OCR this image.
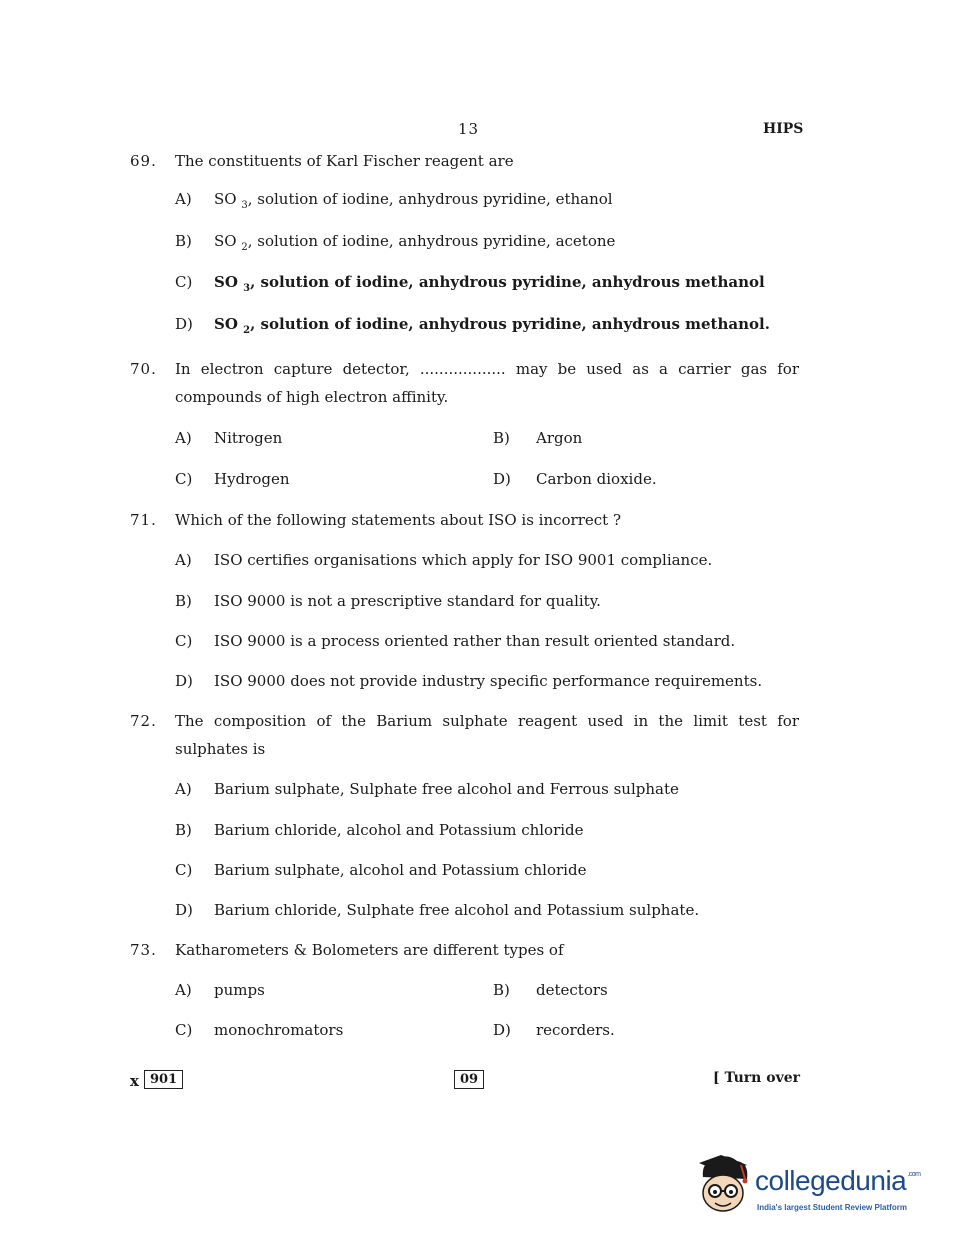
13	HIPS
69. The constituents of Karl Fischer reagent are
A) SO $_3$, solution of iodine, anhydrous pyridine, ethanol
B) SO $_2$, solution of iodine, anhydrous pyridine, acetone
C) SO $_3$, solution of iodine, anhydrous pyridine, anhydrous methanol
D) SO $_2$, solution of iodine, anhydrous pyridine, anhydrous methanol.
70. In electron capture detector, .................. may be used as a carrier gas for compounds of high electron affinity.
A) Nitrogen	B) Argon
C) Hydrogen	D) Carbon dioxide.
71. Which of the following statements about ISO is incorrect ?
A) ISO certifies organisations which apply for ISO 9001 compliance.
B) ISO 9000 is not a prescriptive standard for quality.
C) ISO 9000 is a process oriented rather than result oriented standard.
D) ISO 9000 does not provide industry specific performance requirements.
72. The composition of the Barium sulphate reagent used in the limit test for sulphates is
A) Barium sulphate, Sulphate free alcohol and Ferrous sulphate
B) Barium chloride, alcohol and Potassium chloride
C) Barium sulphate, alcohol and Potassium chloride
D) Barium chloride, Sulphate free alcohol and Potassium sulphate.
73. Katharometers & Bolometers are different types of
A) pumps	B) detectors
C) monochromators	D) recorders.
x 901	09	[ Turn over
collegedunia$^{.com}$
India's largest Student Review Platform
